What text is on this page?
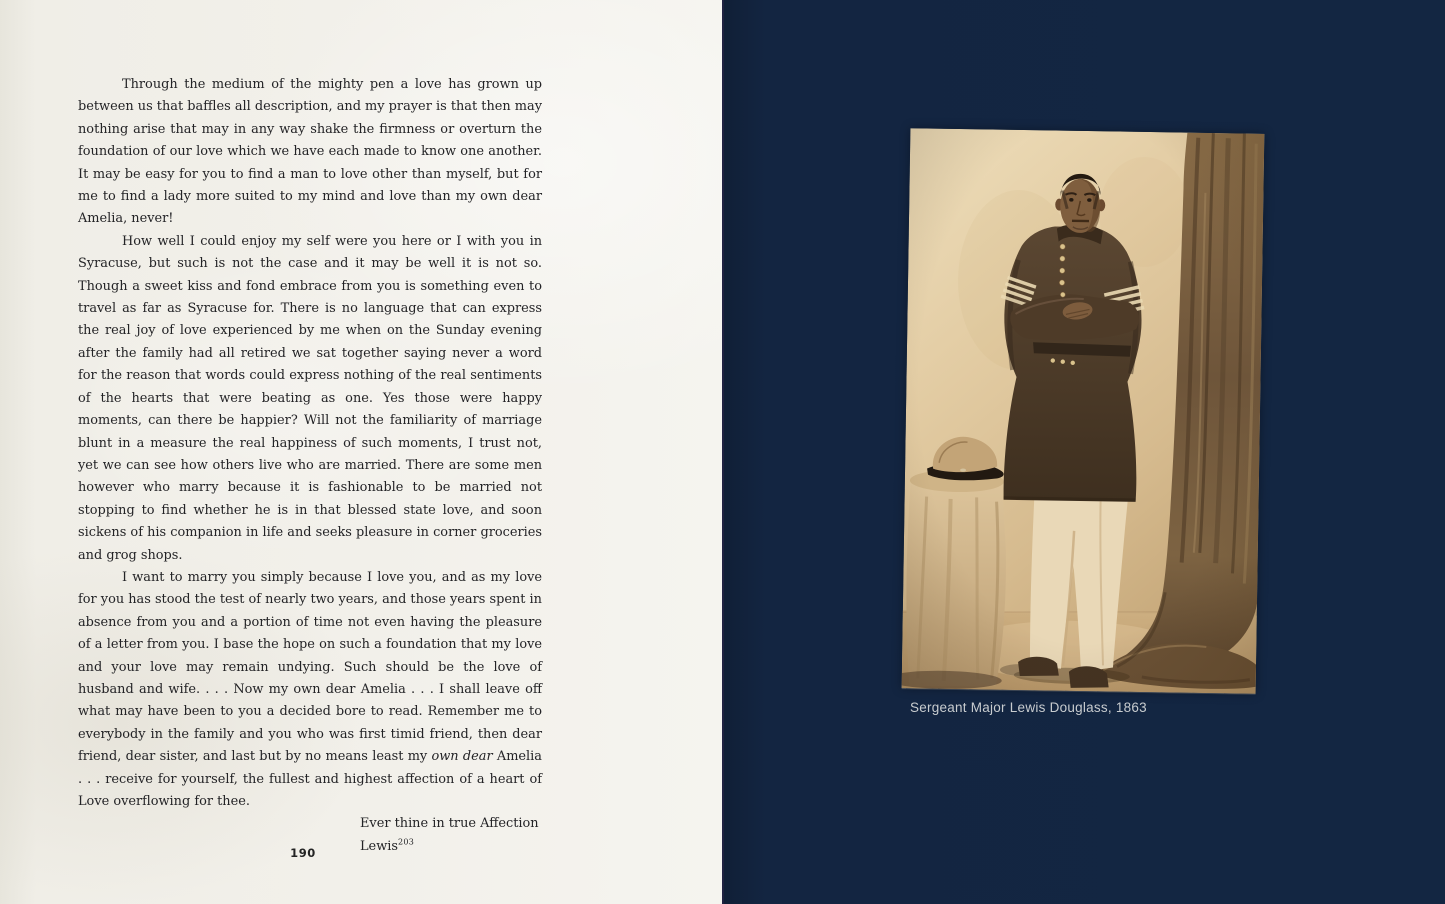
Through the medium of the mighty pen a love has grown up between us that baffles all description, and my prayer is that then may nothing arise that may in any way shake the firmness or overturn the foundation of our love which we have each made to know one another. It may be easy for you to find a man to love other than myself, but for me to find a lady more suited to my mind and love than my own dear Amelia, never!

How well I could enjoy my self were you here or I with you in Syracuse, but such is not the case and it may be well it is not so. Though a sweet kiss and fond embrace from you is something even to travel as far as Syracuse for. There is no language that can express the real joy of love experienced by me when on the Sunday evening after the family had all retired we sat together saying never a word for the reason that words could express nothing of the real sentiments of the hearts that were beating as one. Yes those were happy moments, can there be happier? Will not the familiarity of marriage blunt in a measure the real happiness of such moments, I trust not, yet we can see how others live who are married. There are some men however who marry because it is fashionable to be married not stopping to find whether he is in that blessed state love, and soon sickens of his companion in life and seeks pleasure in corner groceries and grog shops.

I want to marry you simply because I love you, and as my love for you has stood the test of nearly two years, and those years spent in absence from you and a portion of time not even having the pleasure of a letter from you. I base the hope on such a foundation that my love and your love may remain undying. Such should be the love of husband and wife. . . . Now my own dear Amelia . . . I shall leave off what may have been to you a decided bore to read. Remember me to everybody in the family and you who was first timid friend, then dear friend, dear sister, and last but by no means least my own dear Amelia . . . receive for yourself, the fullest and highest affection of a heart of Love overflowing for thee.

Ever thine in true Affection
Lewis$^{203}$
190
Sergeant Major Lewis Douglass, 1863
